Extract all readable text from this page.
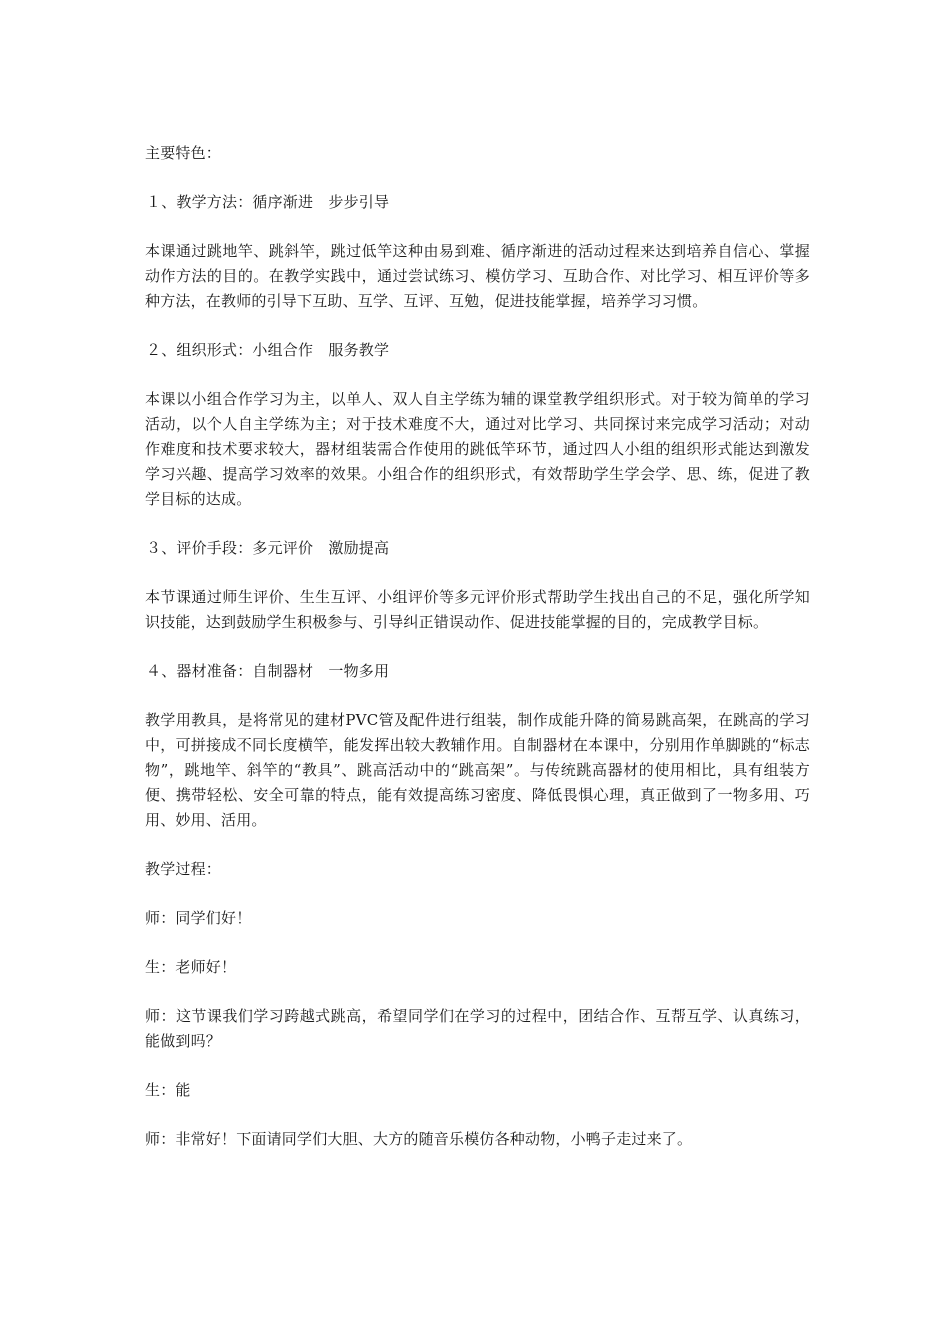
主要特色：

１、教学方法：循序渐进　步步引导

本课通过跳地竿、跳斜竿，跳过低竿这种由易到难、循序渐进的活动过程来达到培养自信心、掌握动作方法的目的。在教学实践中，通过尝试练习、模仿学习、互助合作、对比学习、相互评价等多种方法，在教师的引导下互助、互学、互评、互勉，促进技能掌握，培养学习习惯。

２、组织形式：小组合作　服务教学

本课以小组合作学习为主，以单人、双人自主学练为辅的课堂教学组织形式。对于较为简单的学习活动，以个人自主学练为主；对于技术难度不大，通过对比学习、共同探讨来完成学习活动；对动作难度和技术要求较大，器材组装需合作使用的跳低竿环节，通过四人小组的组织形式能达到激发学习兴趣、提高学习效率的效果。小组合作的组织形式，有效帮助学生学会学、思、练，促进了教学目标的达成。

３、评价手段：多元评价　激励提高

本节课通过师生评价、生生互评、小组评价等多元评价形式帮助学生找出自己的不足，强化所学知识技能，达到鼓励学生积极参与、引导纠正错误动作、促进技能掌握的目的，完成教学目标。

４、器材准备：自制器材　一物多用

教学用教具，是将常见的建材PVC管及配件进行组装，制作成能升降的简易跳高架，在跳高的学习中，可拼接成不同长度横竿，能发挥出较大教辅作用。自制器材在本课中，分别用作单脚跳的“标志物”，跳地竿、斜竿的“教具”、跳高活动中的“跳高架”。与传统跳高器材的使用相比，具有组装方便、携带轻松、安全可靠的特点，能有效提高练习密度、降低畏惧心理，真正做到了一物多用、巧用、妙用、活用。

教学过程：

师：同学们好！

生：老师好！

师：这节课我们学习跨越式跳高，希望同学们在学习的过程中，团结合作、互帮互学、认真练习，能做到吗？

生：能

师：非常好！下面请同学们大胆、大方的随音乐模仿各种动物，小鸭子走过来了。
